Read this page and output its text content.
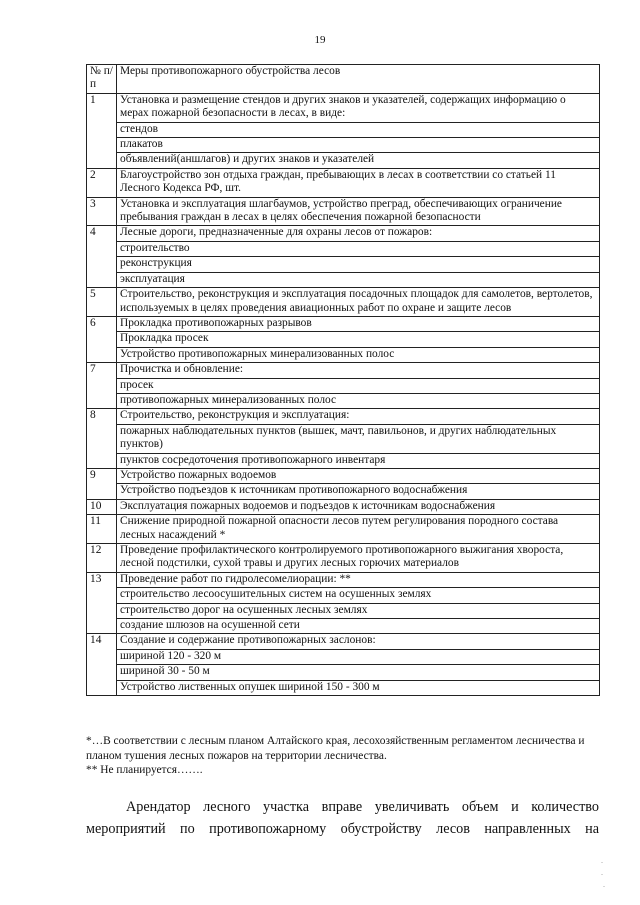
19
№ п/п	Меры противопожарного обустройства лесов
1	Установка и размещение стендов и других знаков и указателей, содержащих информацию о мерах пожарной безопасности в лесах, в виде:
	стендов
	плакатов
	объявлений(аншлагов) и других знаков и указателей
2	Благоустройство зон отдыха граждан, пребывающих в лесах в соответствии со статьей 11 Лесного Кодекса РФ, шт.
3	Установка и эксплуатация шлагбаумов, устройство преград, обеспечивающих ограничение пребывания граждан в лесах в целях обеспечения пожарной безопасности
4	Лесные дороги, предназначенные для охраны лесов от пожаров:
	строительство
	реконструкция
	эксплуатация
5	Строительство, реконструкция и эксплуатация посадочных площадок для самолетов, вертолетов, используемых в целях проведения авиационных работ по охране и защите лесов
6	Прокладка противопожарных разрывов
	Прокладка просек
	Устройство противопожарных минерализованных полос
7	Прочистка и обновление:
	просек
	противопожарных минерализованных полос
8	Строительство, реконструкция и эксплуатация:
	пожарных наблюдательных пунктов (вышек, мачт, павильонов, и других наблюдательных пунктов)
	пунктов сосредоточения противопожарного инвентаря
9	Устройство пожарных водоемов
	Устройство подъездов к источникам противопожарного водоснабжения
10	Эксплуатация пожарных водоемов и подъездов к источникам водоснабжения
11	Снижение природной пожарной опасности лесов путем регулирования породного состава лесных насаждений *
12	Проведение профилактического контролируемого противопожарного выжигания хвороста, лесной подстилки, сухой травы и других лесных горючих материалов
13	Проведение работ по гидролесомелиорации: **
	строительство лесоосушительных систем на осушенных землях
	строительство дорог на осушенных лесных землях
	создание шлюзов на осушенной сети
14	Создание и содержание противопожарных заслонов:
	шириной 120 - 320 м
	шириной 30 - 50 м
	Устройство лиственных опушек шириной 150 - 300 м

*…В соответствии с лесным планом Алтайского края, лесохозяйственным регламентом лесничества и планом тушения лесных пожаров на территории лесничества.

** Не планируется…….

Арендатор лесного участка вправе увеличивать объем и количество мероприятий по противопожарному обустройству лесов направленных на

.
.
.
